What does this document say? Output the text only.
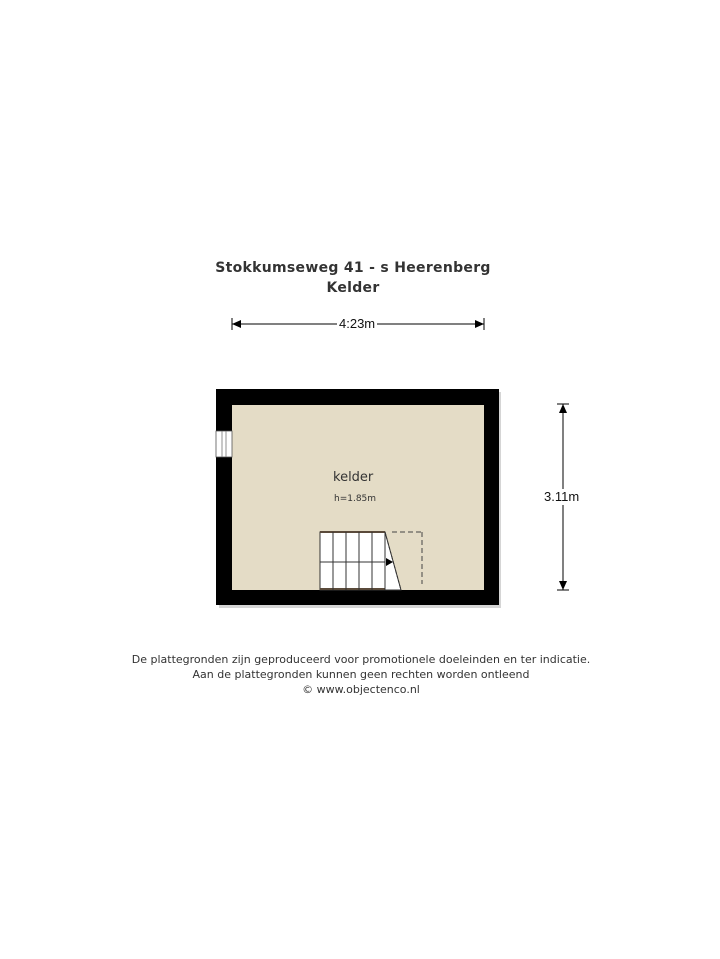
Stokkumseweg 41 - s Heerenberg
Kelder
4:23m
3.11m
kelder
h=1.85m
De plattegronden zijn geproduceerd voor promotionele doeleinden en ter indicatie.
Aan de plattegronden kunnen geen rechten worden ontleend
© www.objectenco.nl
